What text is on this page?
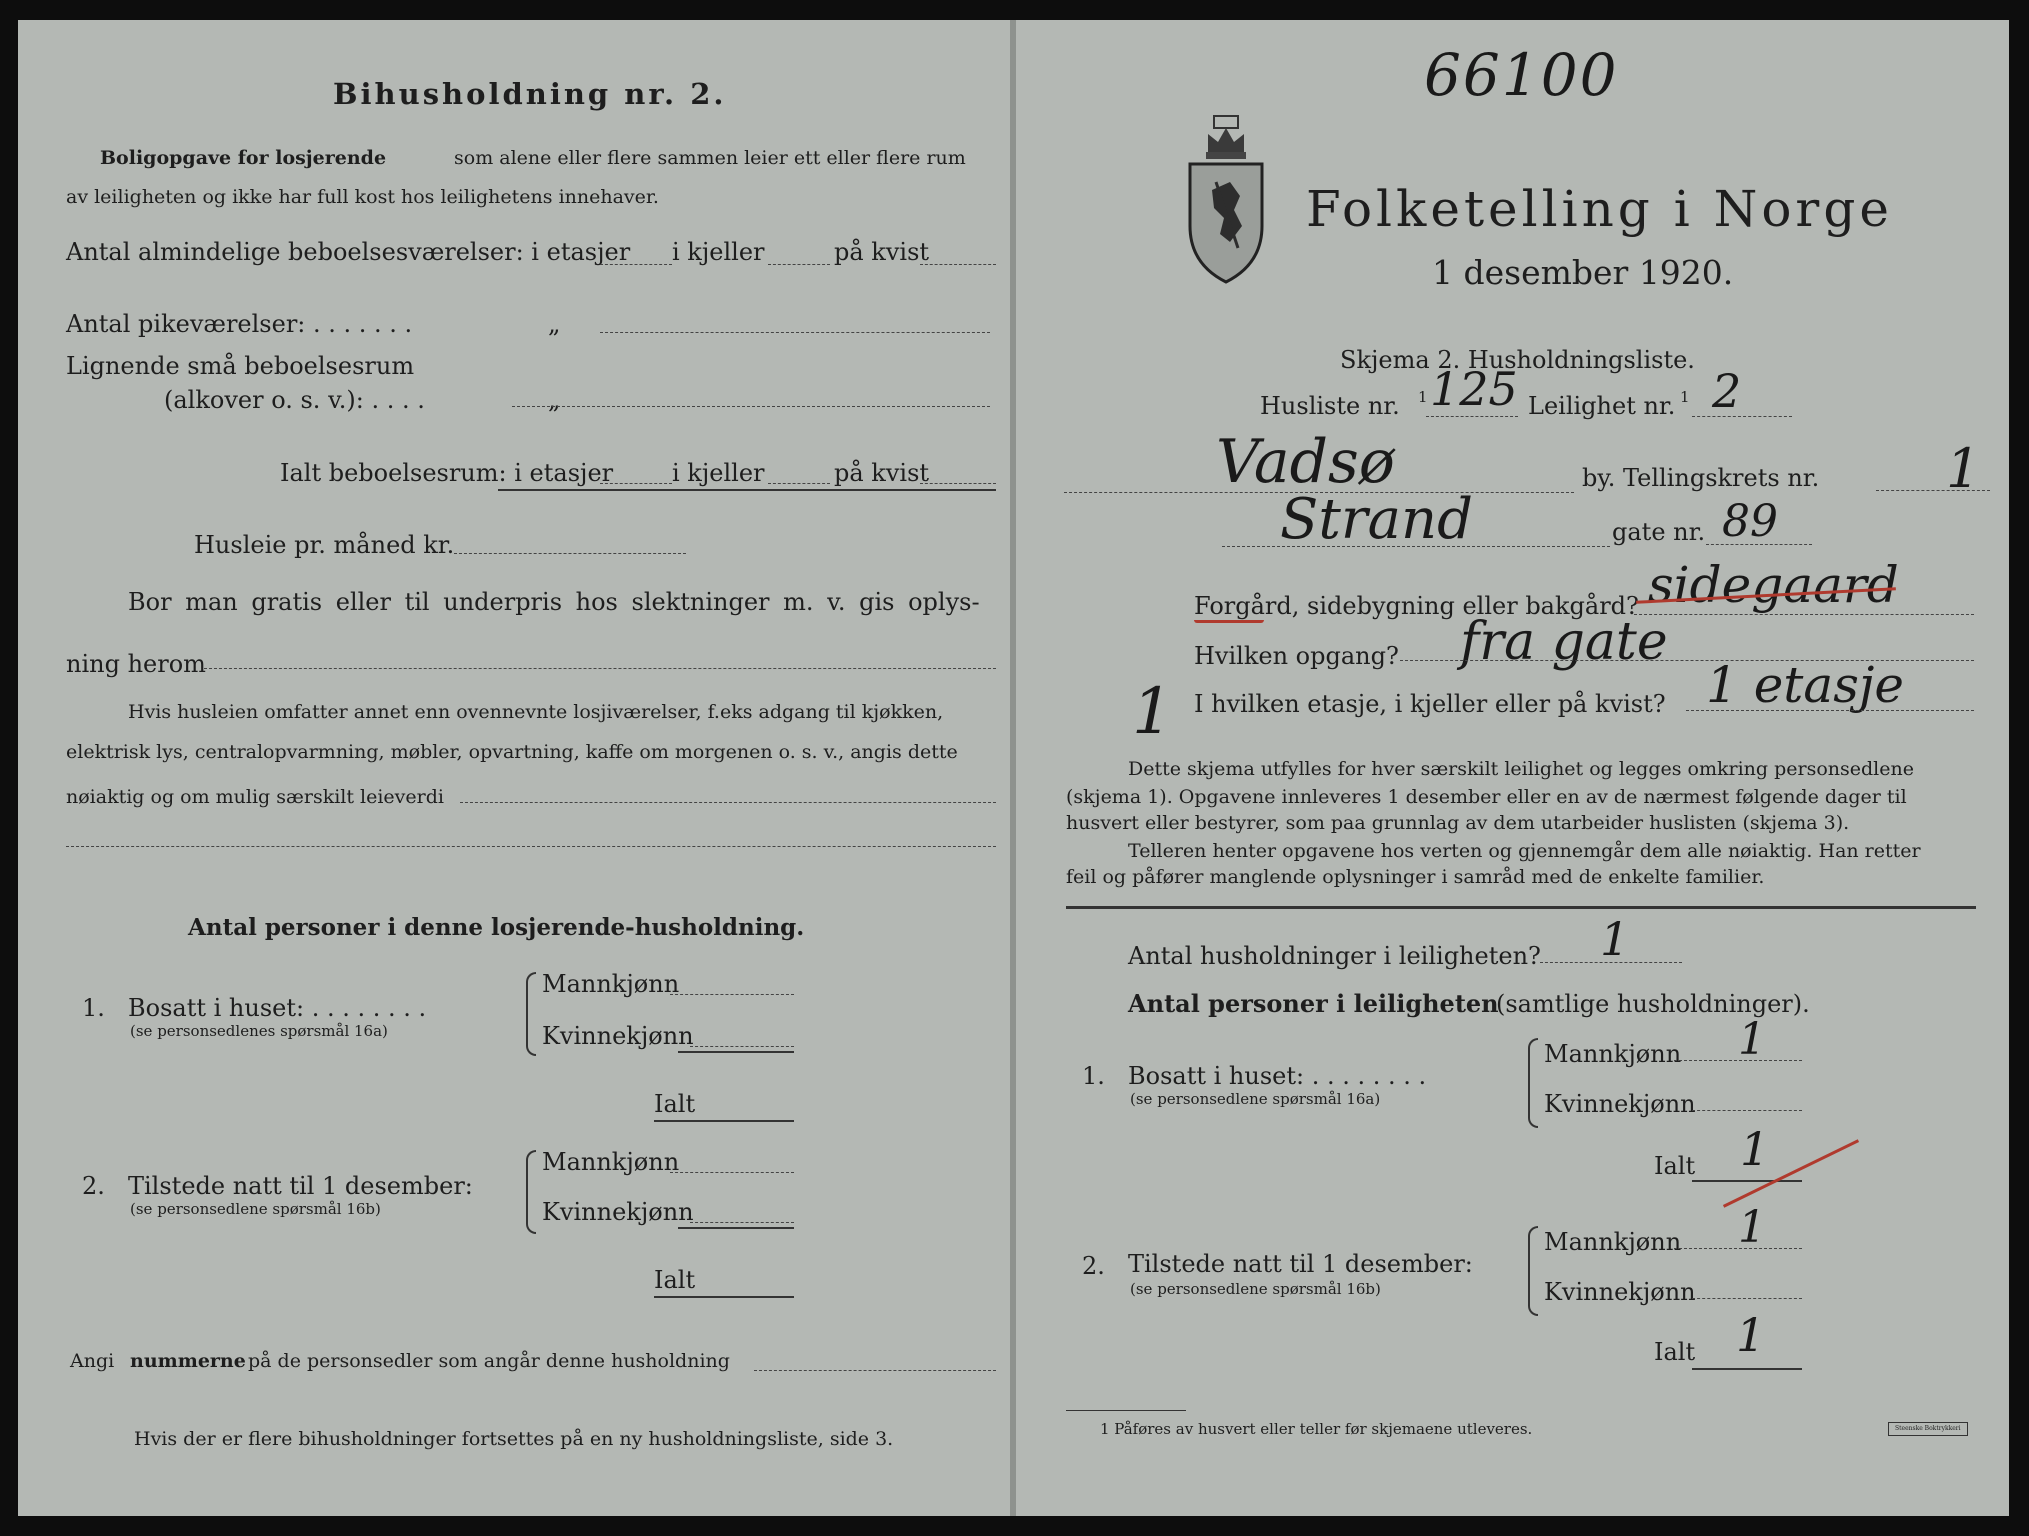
Bihusholdning nr. 2.
Boligopgave for losjerende	som alene eller flere sammen leier ett eller flere rum
av leiligheten og ikke har full kost hos leilighetens innehaver.
Antal almindelige beboelsesværelser: i etasjer i kjeller	på kvist
Antal pikeværelser: . . . . . . .	„
Lignende små beboelsesrum
(alkover o. s. v.): . . . .	„
Ialt beboelsesrum: i etasjer i kjeller	på kvist
Husleie pr. måned kr.
Bor man gratis eller til underpris hos slektninger m. v. gis oplys-
ning herom
Hvis husleien omfatter annet enn ovennevnte losjiværelser, f.eks adgang til kjøkken,
elektrisk lys, centralopvarmning, møbler, opvartning, kaffe om morgenen o. s. v., angis dette
nøiaktig og om mulig særskilt leieverdi
Antal personer i denne losjerende-husholdning.
1. Bosatt i huset: . . . . . . . .
(se personsedlenes spørsmål 16a)
Mannkjønn
Kvinnekjønn
Ialt
2. Tilstede natt til 1 desember:
(se personsedlene spørsmål 16b)
Mannkjønn
Kvinnekjønn
Ialt
Angi nummerne på de personsedler som angår denne husholdning
Hvis der er flere bihusholdninger fortsettes på en ny husholdningsliste, side 3.
66100
Folketelling i Norge
1 desember 1920.
Skjema 2. Husholdningsliste.
Husliste nr. 1 125 Leilighet nr. 1 2
Vadsø	by. Tellingskrets nr. 1
Strand	gate nr. 89
Forgård, sidebygning eller bakgård? sidegaard
Hvilken opgang? fra gate
1 I hvilken etasje, i kjeller eller på kvist? 1 etasje
Dette skjema utfylles for hver særskilt leilighet og legges omkring personsedlene
(skjema 1). Opgavene innleveres 1 desember eller en av de nærmest følgende dager til
husvert eller bestyrer, som paa grunnlag av dem utarbeider huslisten (skjema 3).
Telleren henter opgavene hos verten og gjennemgår dem alle nøiaktig. Han retter
feil og påfører manglende oplysninger i samråd med de enkelte familier.
Antal husholdninger i leiligheten? 1
Antal personer i leiligheten
(samtlige husholdninger).
1. Bosatt i huset: . . . . . . . .
(se personsedlene spørsmål 16a)
Mannkjønn 1
Kvinnekjønn
Ialt 1
2. Tilstede natt til 1 desember:
(se personsedlene spørsmål 16b)
Mannkjønn 1
Kvinnekjønn
Ialt 1
1 Påføres av husvert eller teller før skjemaene utleveres.	Steenske Boktrykkeri
